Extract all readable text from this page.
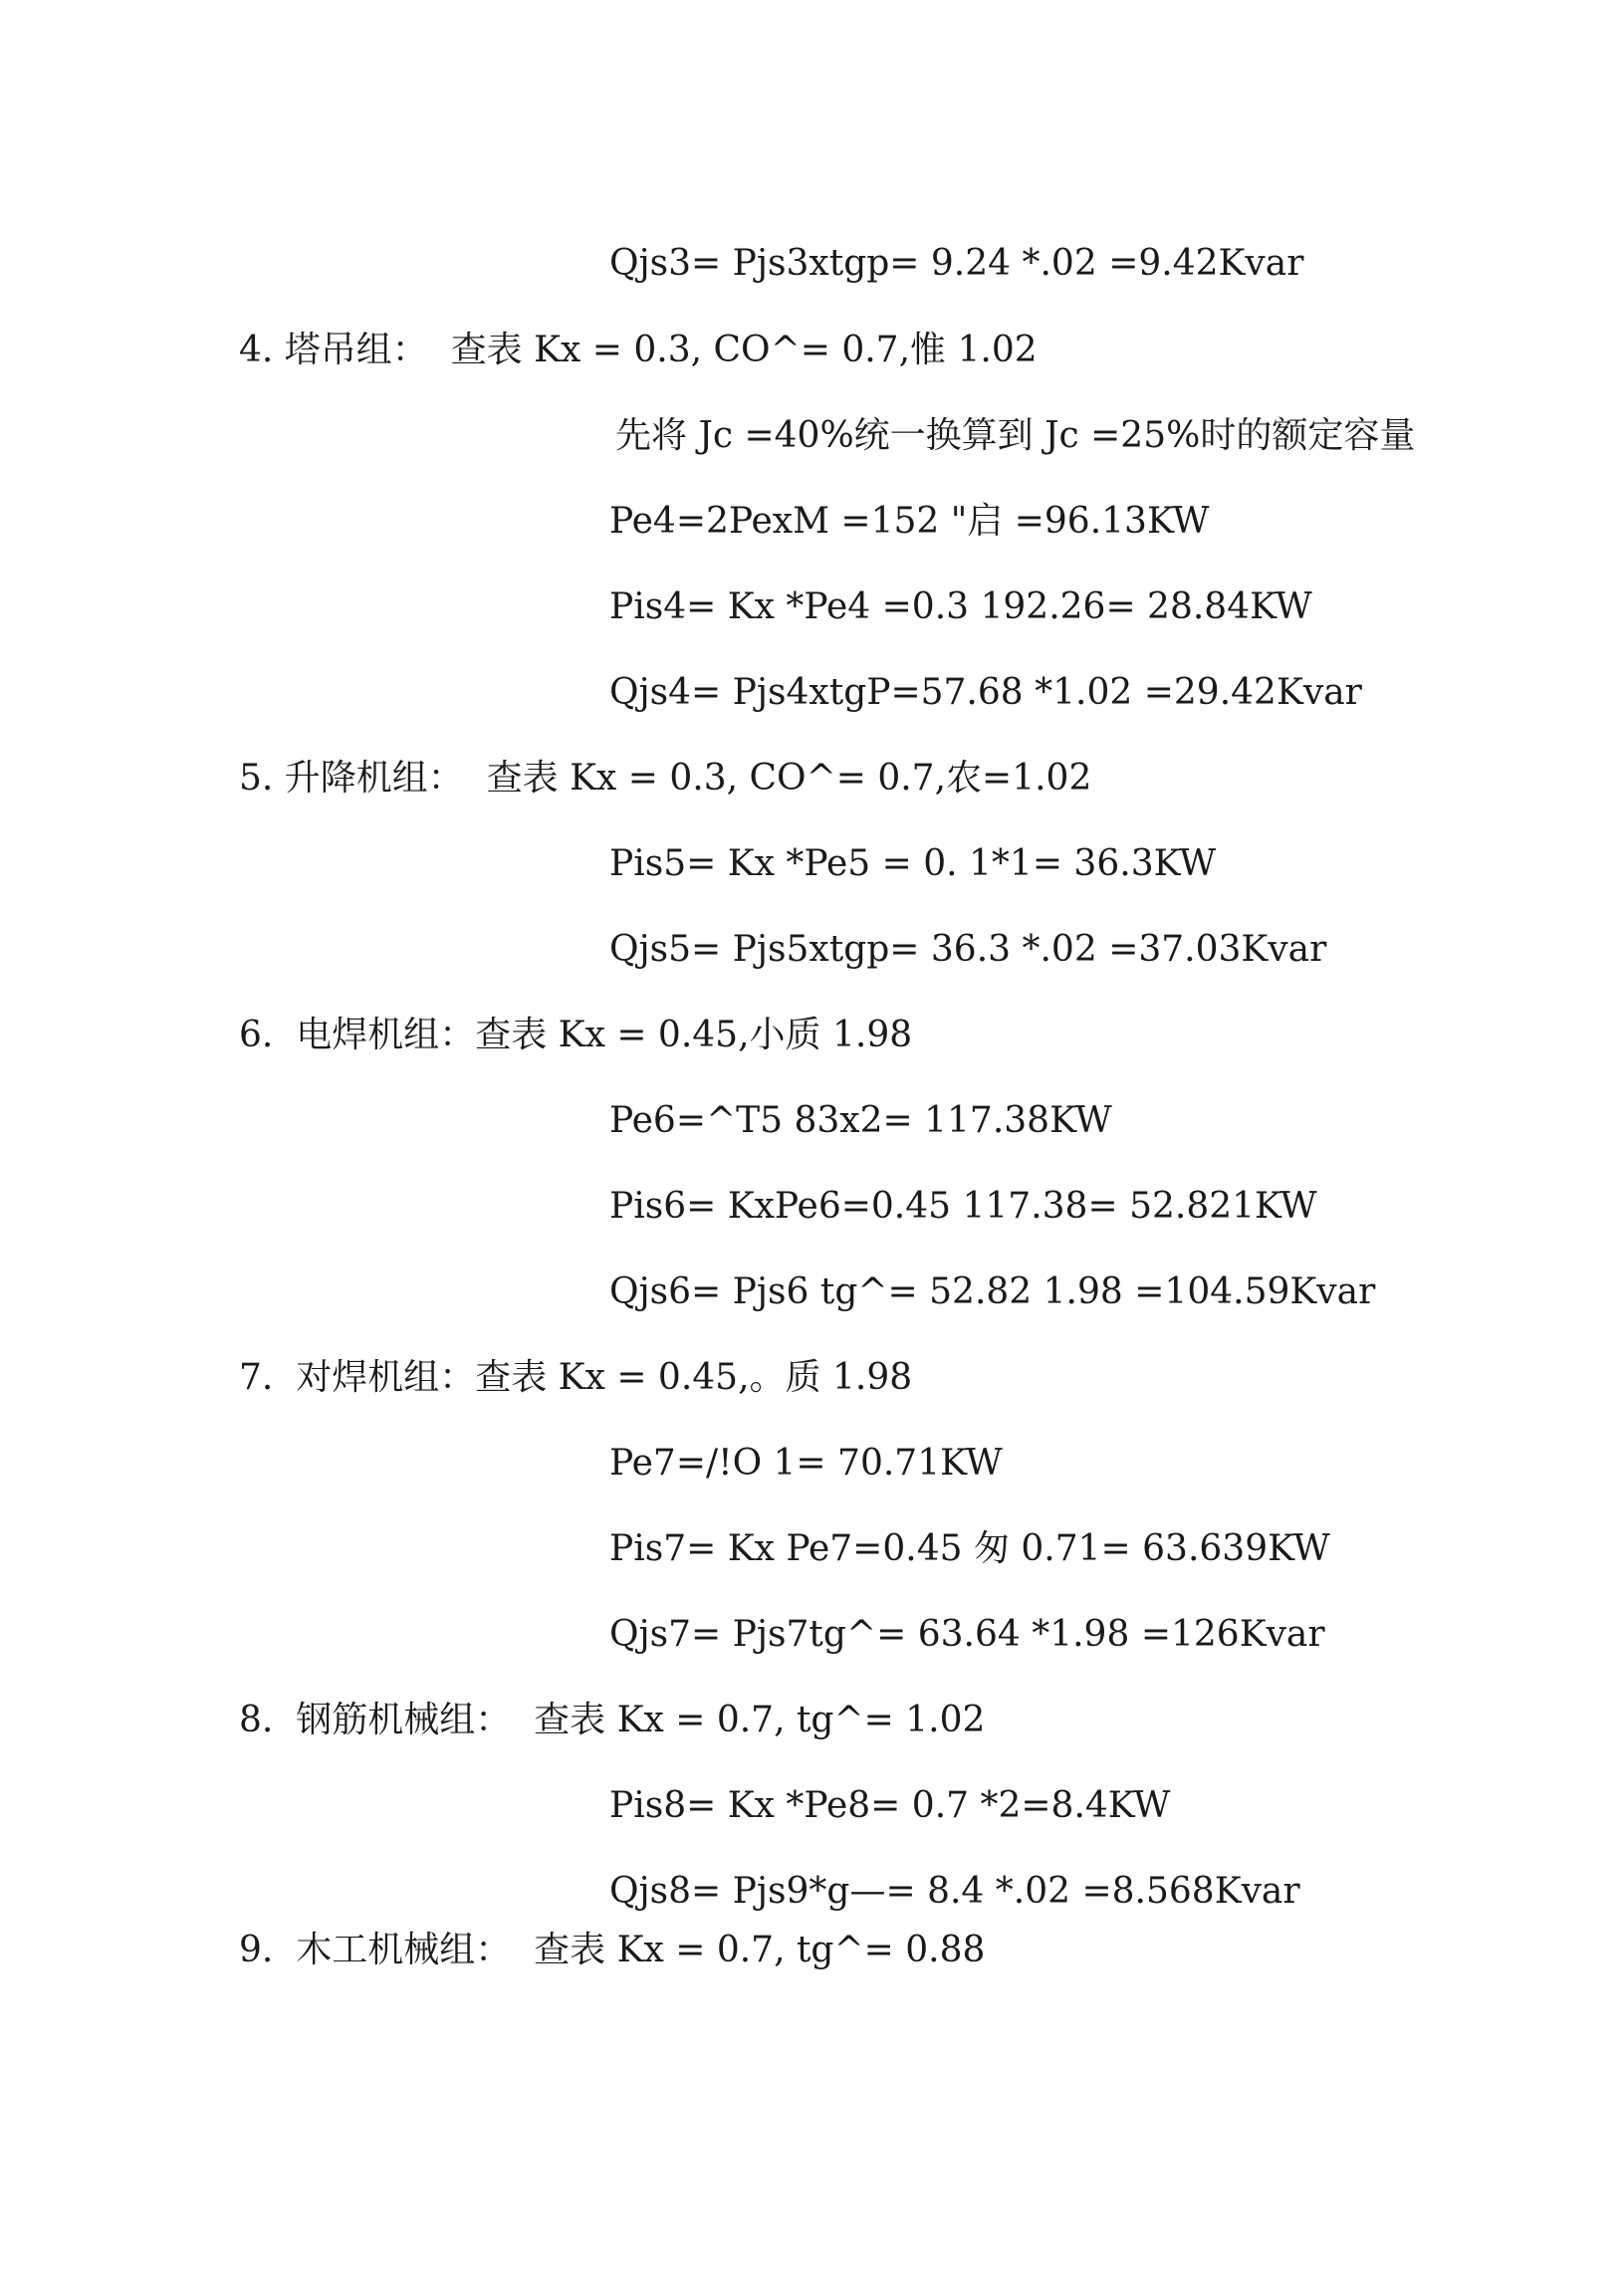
Qjs3= Pjs3xtgp= 9.24 *.02 =9.42Kvar
4. 塔吊组：  查表 Kx = 0.3, CO^= 0.7,惟 1.02
先将 Jc =40%统一换算到 Jc =25%时的额定容量
Pe4=2PexM =152 "启 =96.13KW
Pis4= Kx *Pe4 =0.3 192.26= 28.84KW
Qjs4= Pjs4xtgP=57.68 *1.02 =29.42Kvar
5. 升降机组：  查表 Kx = 0.3, CO^= 0.7,农=1.02
Pis5= Kx *Pe5 = 0. 1*1= 36.3KW
Qjs5= Pjs5xtgp= 36.3 *.02 =37.03Kvar
6.  电焊机组：查表 Kx = 0.45,小质 1.98
Pe6=^T5 83x2= 117.38KW
Pis6= KxPe6=0.45 117.38= 52.821KW
Qjs6= Pjs6 tg^= 52.82 1.98 =104.59Kvar
7.  对焊机组：查表 Kx = 0.45,。质 1.98
Pe7=/!O 1= 70.71KW
Pis7= Kx Pe7=0.45 匆 0.71= 63.639KW
Qjs7= Pjs7tg^= 63.64 *1.98 =126Kvar
8.  钢筋机械组：  查表 Kx = 0.7, tg^= 1.02
Pis8= Kx *Pe8= 0.7 *2=8.4KW
Qjs8= Pjs9*g—= 8.4 *.02 =8.568Kvar
9.  木工机械组：  查表 Kx = 0.7, tg^= 0.88
